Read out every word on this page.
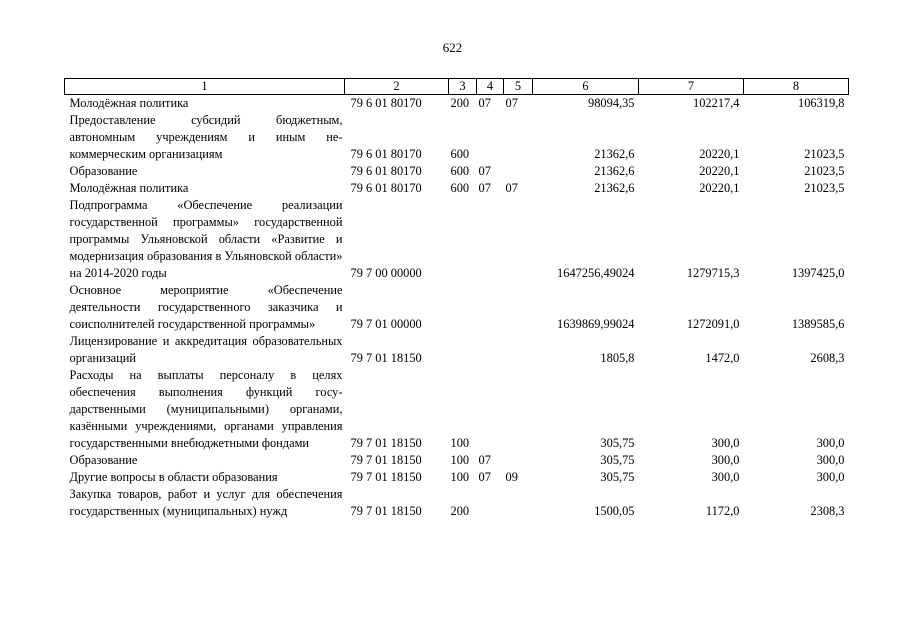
622
1	2	3	4	5	6	7	8
Молодёжная политика	79 6 01 80170	200	07	07	98094,35	102217,4	106319,8
Предоставление субсидий бюджетным, автономным учреждениям и иным некоммерческим организациям	79 6 01 80170	600			21362,6	20220,1	21023,5
Образование	79 6 01 80170	600	07		21362,6	20220,1	21023,5
Молодёжная политика	79 6 01 80170	600	07	07	21362,6	20220,1	21023,5
Подпрограмма «Обеспечение реализации государственной программы» государственной программы Ульяновской области «Развитие и модернизация образования в Ульяновской области» на 2014-2020 годы	79 7 00 00000				1647256,49024	1279715,3	1397425,0
Основное мероприятие «Обеспечение деятельности государственного заказчика и соисполнителей государственной программы»	79 7 01 00000				1639869,99024	1272091,0	1389585,6
Лицензирование и аккредитация образовательных организаций	79 7 01 18150				1805,8	1472,0	2608,3
Расходы на выплаты персоналу в целях обеспечения выполнения функций государственными (муниципальными) органами, казёнными учреждениями, органами управления государственными внебюджетными фондами	79 7 01 18150	100			305,75	300,0	300,0
Образование	79 7 01 18150	100	07		305,75	300,0	300,0
Другие вопросы в области образования	79 7 01 18150	100	07	09	305,75	300,0	300,0
Закупка товаров, работ и услуг для обеспечения государственных (муниципальных) нужд	79 7 01 18150	200			1500,05	1172,0	2308,3
